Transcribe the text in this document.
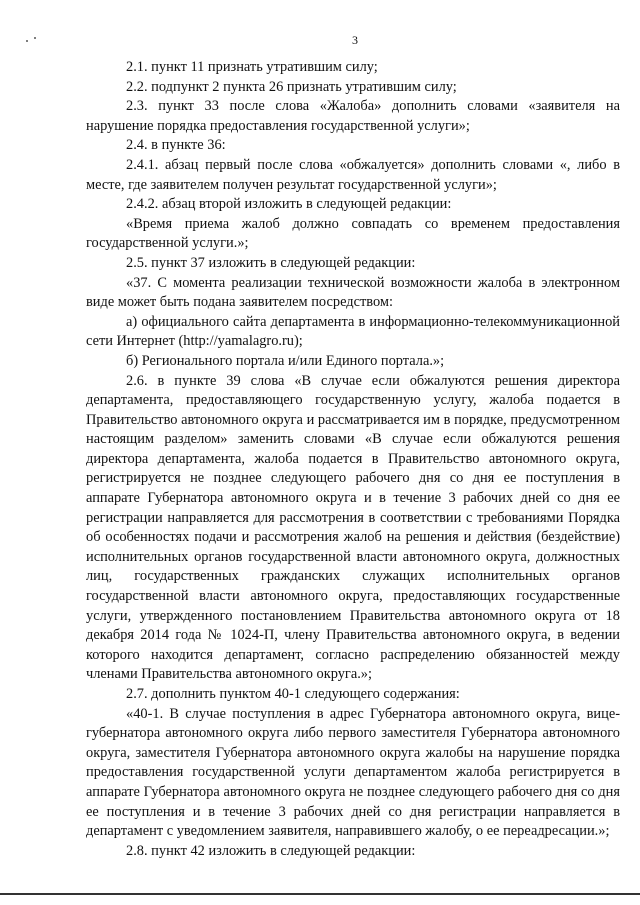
3

2.1. пункт 11 признать утратившим силу;

2.2. подпункт 2 пункта 26 признать утратившим силу;

2.3. пункт 33 после слова «Жалоба» дополнить словами «заявителя на нарушение порядка предоставления государственной услуги»;

2.4. в пункте 36:

2.4.1. абзац первый после слова «обжалуется» дополнить словами «, либо в месте, где заявителем получен результат государственной услуги»;

2.4.2. абзац второй изложить в следующей редакции:

«Время приема жалоб должно совпадать со временем предоставления государственной услуги.»;

2.5. пункт 37 изложить в следующей редакции:

«37. С момента реализации технической возможности жалоба в электронном виде может быть подана заявителем посредством:

а) официального сайта департамента в информационно-телекоммуникационной сети Интернет (http://yamalagro.ru);

б) Регионального портала и/или Единого портала.»;

2.6. в пункте 39 слова «В случае если обжалуются решения директора департамента, предоставляющего государственную услугу, жалоба подается в Правительство автономного округа и рассматривается им в порядке, предусмотренном настоящим разделом» заменить словами «В случае если обжалуются решения директора департамента, жалоба подается в Правительство автономного округа, регистрируется не позднее следующего рабочего дня со дня ее поступления в аппарате Губернатора автономного округа и в течение 3 рабочих дней со дня ее регистрации направляется для рассмотрения в соответствии с требованиями Порядка об особенностях подачи и рассмотрения жалоб на решения и действия (бездействие) исполнительных органов государственной власти автономного округа, должностных лиц, государственных гражданских служащих исполнительных органов государственной власти автономного округа, предоставляющих государственные услуги, утвержденного постановлением Правительства автономного округа от 18 декабря 2014 года № 1024-П, члену Правительства автономного округа, в ведении которого находится департамент, согласно распределению обязанностей между членами Правительства автономного округа.»;

2.7. дополнить пунктом 40-1 следующего содержания:

«40-1. В случае поступления в адрес Губернатора автономного округа, вице-губернатора автономного округа либо первого заместителя Губернатора автономного округа, заместителя Губернатора автономного округа жалобы на нарушение порядка предоставления государственной услуги департаментом жалоба регистрируется в аппарате Губернатора автономного округа не позднее следующего рабочего дня со дня ее поступления и в течение 3 рабочих дней со дня регистрации направляется в департамент с уведомлением заявителя, направившего жалобу, о ее переадресации.»;

2.8. пункт 42 изложить в следующей редакции:
